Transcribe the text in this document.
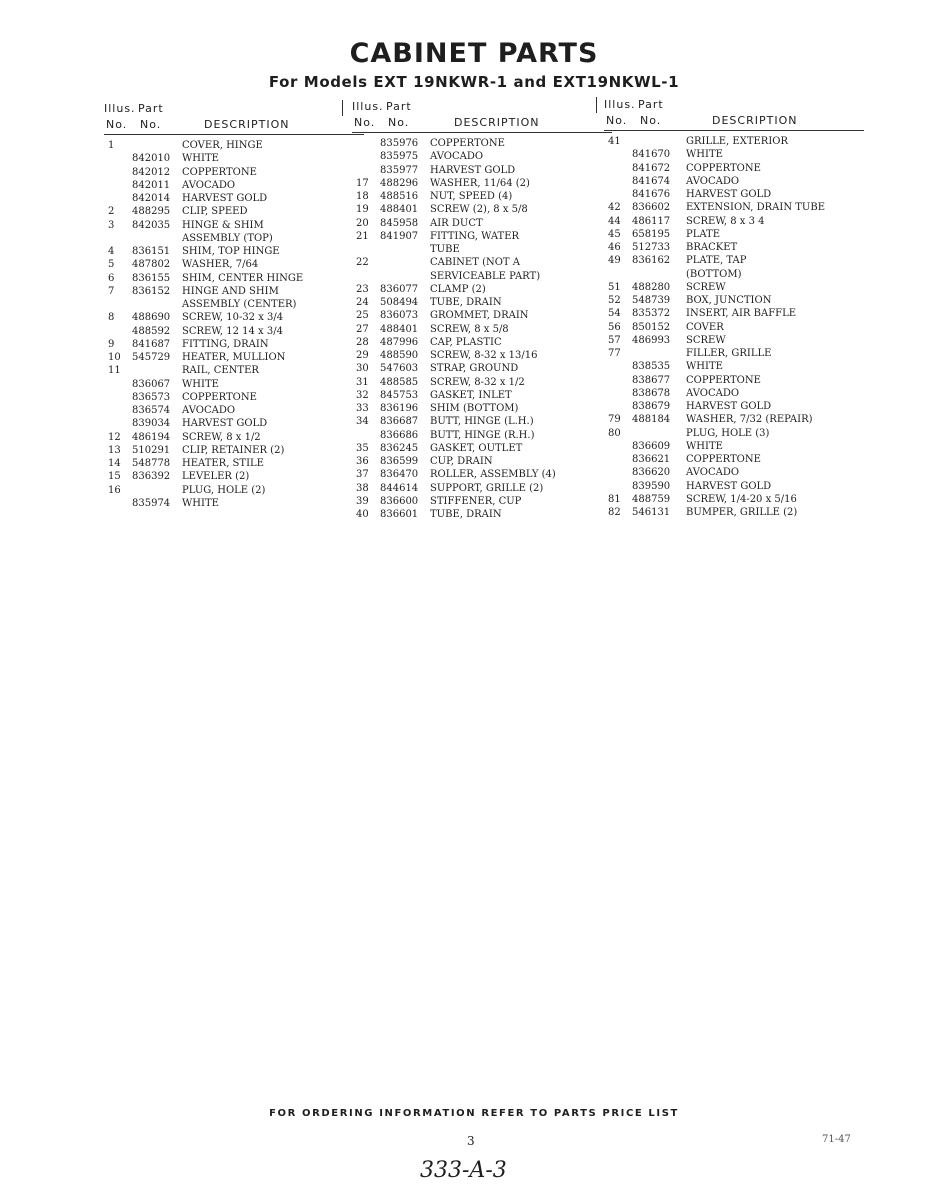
CABINET PARTS
For Models EXT 19NKWR-1 and EXT19NKWL-1
Illus. Part
No. No.	DESCRIPTION
1	COVER, HINGE
842010 WHITE
842012 COPPERTONE
842011 AVOCADO
842014 HARVEST GOLD
2 488295 CLIP, SPEED
3 842035 HINGE & SHIM
ASSEMBLY (TOP)
4 836151 SHIM, TOP HINGE
5 487802 WASHER, 7/64
6 836155 SHIM, CENTER HINGE
7 836152 HINGE AND SHIM
ASSEMBLY (CENTER)
8 488690 SCREW, 10-32 x 3/4
488592 SCREW, 12 14 x 3/4
9 841687 FITTING, DRAIN
10 545729 HEATER, MULLION
11	RAIL, CENTER
836067 WHITE
836573 COPPERTONE
836574 AVOCADO
839034 HARVEST GOLD
12 486194 SCREW, 8 x 1/2
13 510291 CLIP, RETAINER (2)
14 548778 HEATER, STILE
15 836392 LEVELER (2)
16	PLUG, HOLE (2)
835974 WHITE
Illus. Part
No. No.	DESCRIPTION
835976 COPPERTONE
835975 AVOCADO
835977 HARVEST GOLD
17 488296 WASHER, 11/64 (2)
18 488516 NUT, SPEED (4)
19 488401 SCREW (2), 8 x 5/8
20 845958 AIR DUCT
21 841907 FITTING, WATER
TUBE
22	CABINET (NOT A
SERVICEABLE PART)
23 836077 CLAMP (2)
24 508494 TUBE, DRAIN
25 836073 GROMMET, DRAIN
27 488401 SCREW, 8 x 5/8
28 487996 CAP, PLASTIC
29 488590 SCREW, 8-32 x 13/16
30 547603 STRAP, GROUND
31 488585 SCREW, 8-32 x 1/2
32 845753 GASKET, INLET
33 836196 SHIM (BOTTOM)
34 836687 BUTT, HINGE (L.H.)
836686 BUTT, HINGE (R.H.)
35 836245 GASKET, OUTLET
36 836599 CUP, DRAIN
37 836470 ROLLER, ASSEMBLY (4)
38 844614 SUPPORT, GRILLE (2)
39 836600 STIFFENER, CUP
40 836601 TUBE, DRAIN
Illus. Part
No. No.	DESCRIPTION
41	GRILLE, EXTERIOR
841670 WHITE
841672 COPPERTONE
841674 AVOCADO
841676 HARVEST GOLD
42 836602 EXTENSION, DRAIN TUBE
44 486117 SCREW, 8 x 3 4
45 658195 PLATE
46 512733 BRACKET
49 836162 PLATE, TAP
(BOTTOM)
51 488280 SCREW
52 548739 BOX, JUNCTION
54 835372 INSERT, AIR BAFFLE
56 850152 COVER
57 486993 SCREW
77	FILLER, GRILLE
838535 WHITE
838677 COPPERTONE
838678 AVOCADO
838679 HARVEST GOLD
79 488184 WASHER, 7/32 (REPAIR)
80	PLUG, HOLE (3)
836609 WHITE
836621 COPPERTONE
836620 AVOCADO
839590 HARVEST GOLD
81 488759 SCREW, 1/4-20 x 5/16
82 546131 BUMPER, GRILLE (2)

FOR ORDERING INFORMATION REFER TO PARTS PRICE LIST

3	71-47
333-A-3
